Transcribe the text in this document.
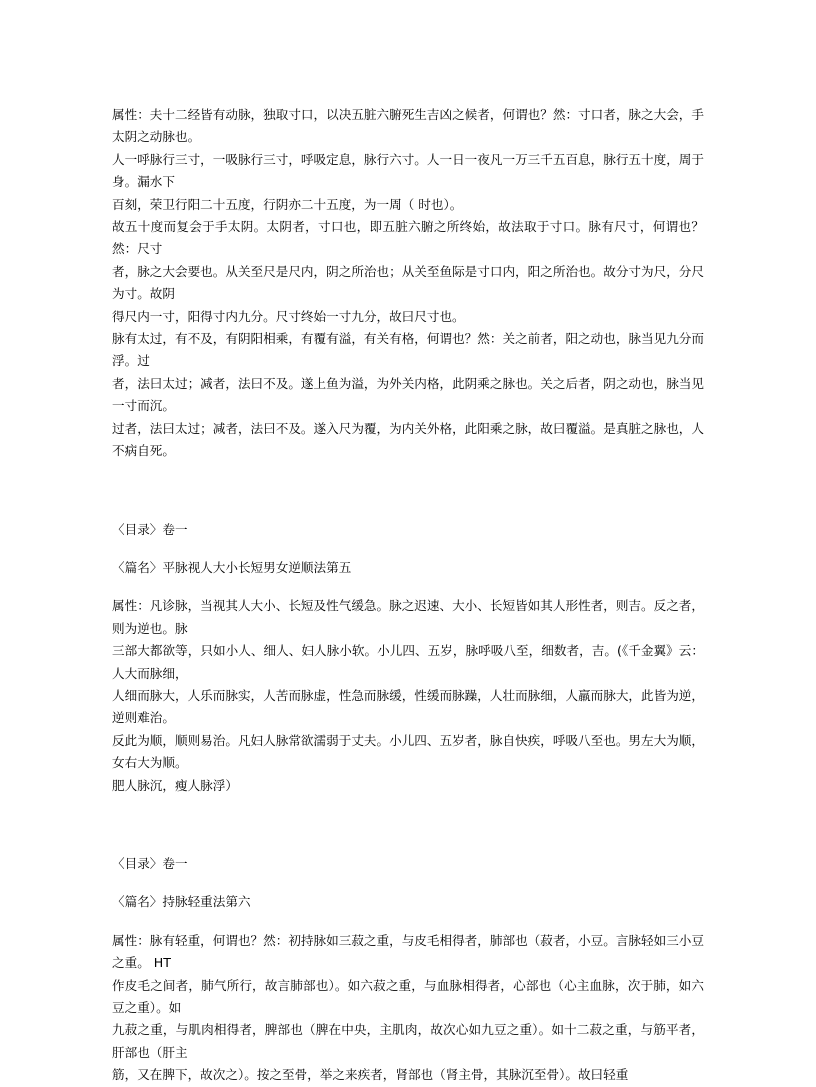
属性：夫十二经皆有动脉，独取寸口，以决五脏六腑死生吉凶之候者，何谓也？然：寸口者，脉之大会，手太阴之动脉也。

人一呼脉行三寸，一吸脉行三寸，呼吸定息，脉行六寸。人一日一夜凡一万三千五百息，脉行五十度，周于身。漏水下

百刻，荣卫行阳二十五度，行阴亦二十五度，为一周（ 时也）。

故五十度而复会于手太阴。太阴者，寸口也，即五脏六腑之所终始，故法取于寸口。脉有尺寸，何谓也？然：尺寸

者，脉之大会要也。从关至尺是尺内，阴之所治也；从关至鱼际是寸口内，阳之所治也。故分寸为尺，分尺为寸。故阴

得尺内一寸，阳得寸内九分。尺寸终始一寸九分，故曰尺寸也。

脉有太过，有不及，有阴阳相乘，有覆有溢，有关有格，何谓也？然：关之前者，阳之动也，脉当见九分而浮。过

者，法曰太过；减者，法曰不及。遂上鱼为溢，为外关内格，此阴乘之脉也。关之后者，阴之动也，脉当见一寸而沉。

过者，法曰太过；减者，法曰不及。遂入尺为覆，为内关外格，此阳乘之脉，故曰覆溢。是真脏之脉也，人不病自死。

〈目录〉卷一

〈篇名〉平脉视人大小长短男女逆顺法第五

属性：凡诊脉，当视其人大小、长短及性气缓急。脉之迟速、大小、长短皆如其人形性者，则吉。反之者，则为逆也。脉

三部大都欲等，只如小人、细人、妇人脉小软。小儿四、五岁，脉呼吸八至，细数者，吉。(《千金翼》云：人大而脉细，

人细而脉大，人乐而脉实，人苦而脉虚，性急而脉缓，性缓而脉躁，人壮而脉细，人羸而脉大，此皆为逆，逆则难治。

反此为顺，顺则易治。凡妇人脉常欲濡弱于丈夫。小儿四、五岁者，脉自快疾，呼吸八至也。男左大为顺，女右大为顺。

肥人脉沉，瘦人脉浮）

〈目录〉卷一

〈篇名〉持脉轻重法第六

属性：脉有轻重，何谓也？然：初持脉如三菽之重，与皮毛相得者，肺部也（菽者，小豆。言脉轻如三小豆之重。 HT

作皮毛之间者，肺气所行，故言肺部也）。如六菽之重，与血脉相得者，心部也（心主血脉，次于肺，如六豆之重）。如

九菽之重，与肌肉相得者，脾部也（脾在中央，主肌肉，故次心如九豆之重）。如十二菽之重，与筋平者，肝部也（肝主

筋，又在脾下，故次之）。按之至骨，举之来疾者，肾部也（肾主骨，其脉沉至骨）。故曰轻重
